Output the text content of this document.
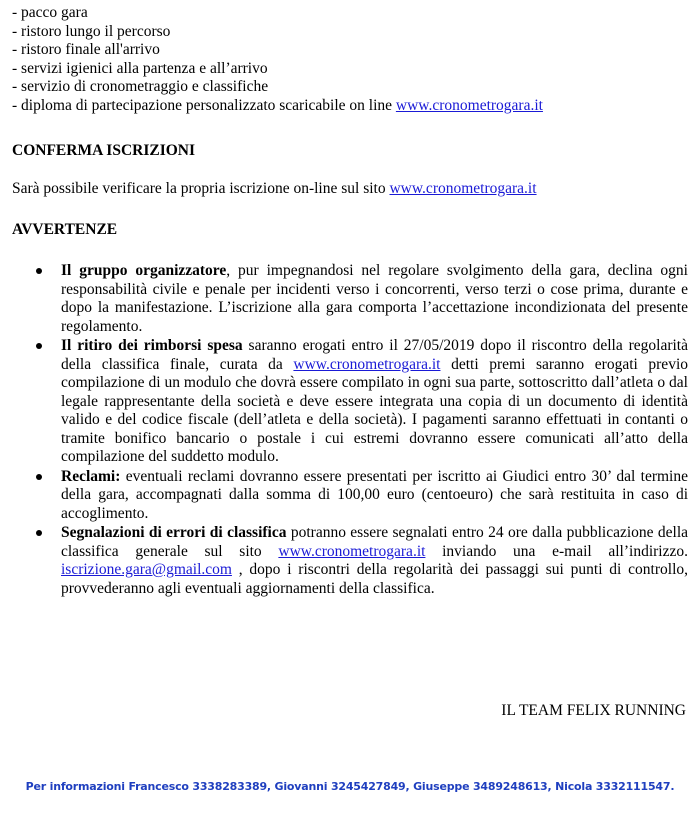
- pacco gara
- ristoro lungo il percorso
- ristoro finale all'arrivo
- servizi igienici alla partenza e all’arrivo
- servizio di cronometraggio e classifiche
- diploma di partecipazione personalizzato scaricabile on line www.cronometrogara.it
CONFERMA ISCRIZIONI
Sarà possibile verificare la propria iscrizione on-line sul sito www.cronometrogara.it
AVVERTENZE
Il gruppo organizzatore, pur impegnandosi nel regolare svolgimento della gara, declina ogni responsabilità civile e penale per incidenti verso i concorrenti, verso terzi o cose prima, durante e dopo la manifestazione. L’iscrizione alla gara comporta l’accettazione incondizionata del presente regolamento.
Il ritiro dei rimborsi spesa saranno erogati entro il 27/05/2019 dopo il riscontro della regolarità della classifica finale, curata da www.cronometrogara.it detti premi saranno erogati previo compilazione di un modulo che dovrà essere compilato in ogni sua parte, sottoscritto dall’atleta o dal legale rappresentante della società e deve essere integrata una copia di un documento di identità valido e del codice fiscale (dell’atleta e della società). I pagamenti saranno effettuati in contanti o tramite bonifico bancario o postale i cui estremi dovranno essere comunicati all’atto della compilazione del suddetto modulo.
Reclami: eventuali reclami dovranno essere presentati per iscritto ai Giudici entro 30’ dal termine della gara, accompagnati dalla somma di 100,00 euro (centoeuro) che sarà restituita in caso di accoglimento.
Segnalazioni di errori di classifica potranno essere segnalati entro 24 ore dalla pubblicazione della classifica generale sul sito www.cronometrogara.it inviando una e-mail all’indirizzo. iscrizione.gara@gmail.com , dopo i riscontri della regolarità dei passaggi sui punti di controllo, provvederanno agli eventuali aggiornamenti della classifica.
IL TEAM FELIX RUNNING
Per informazioni Francesco 3338283389, Giovanni 3245427849, Giuseppe 3489248613, Nicola 3332111547.
